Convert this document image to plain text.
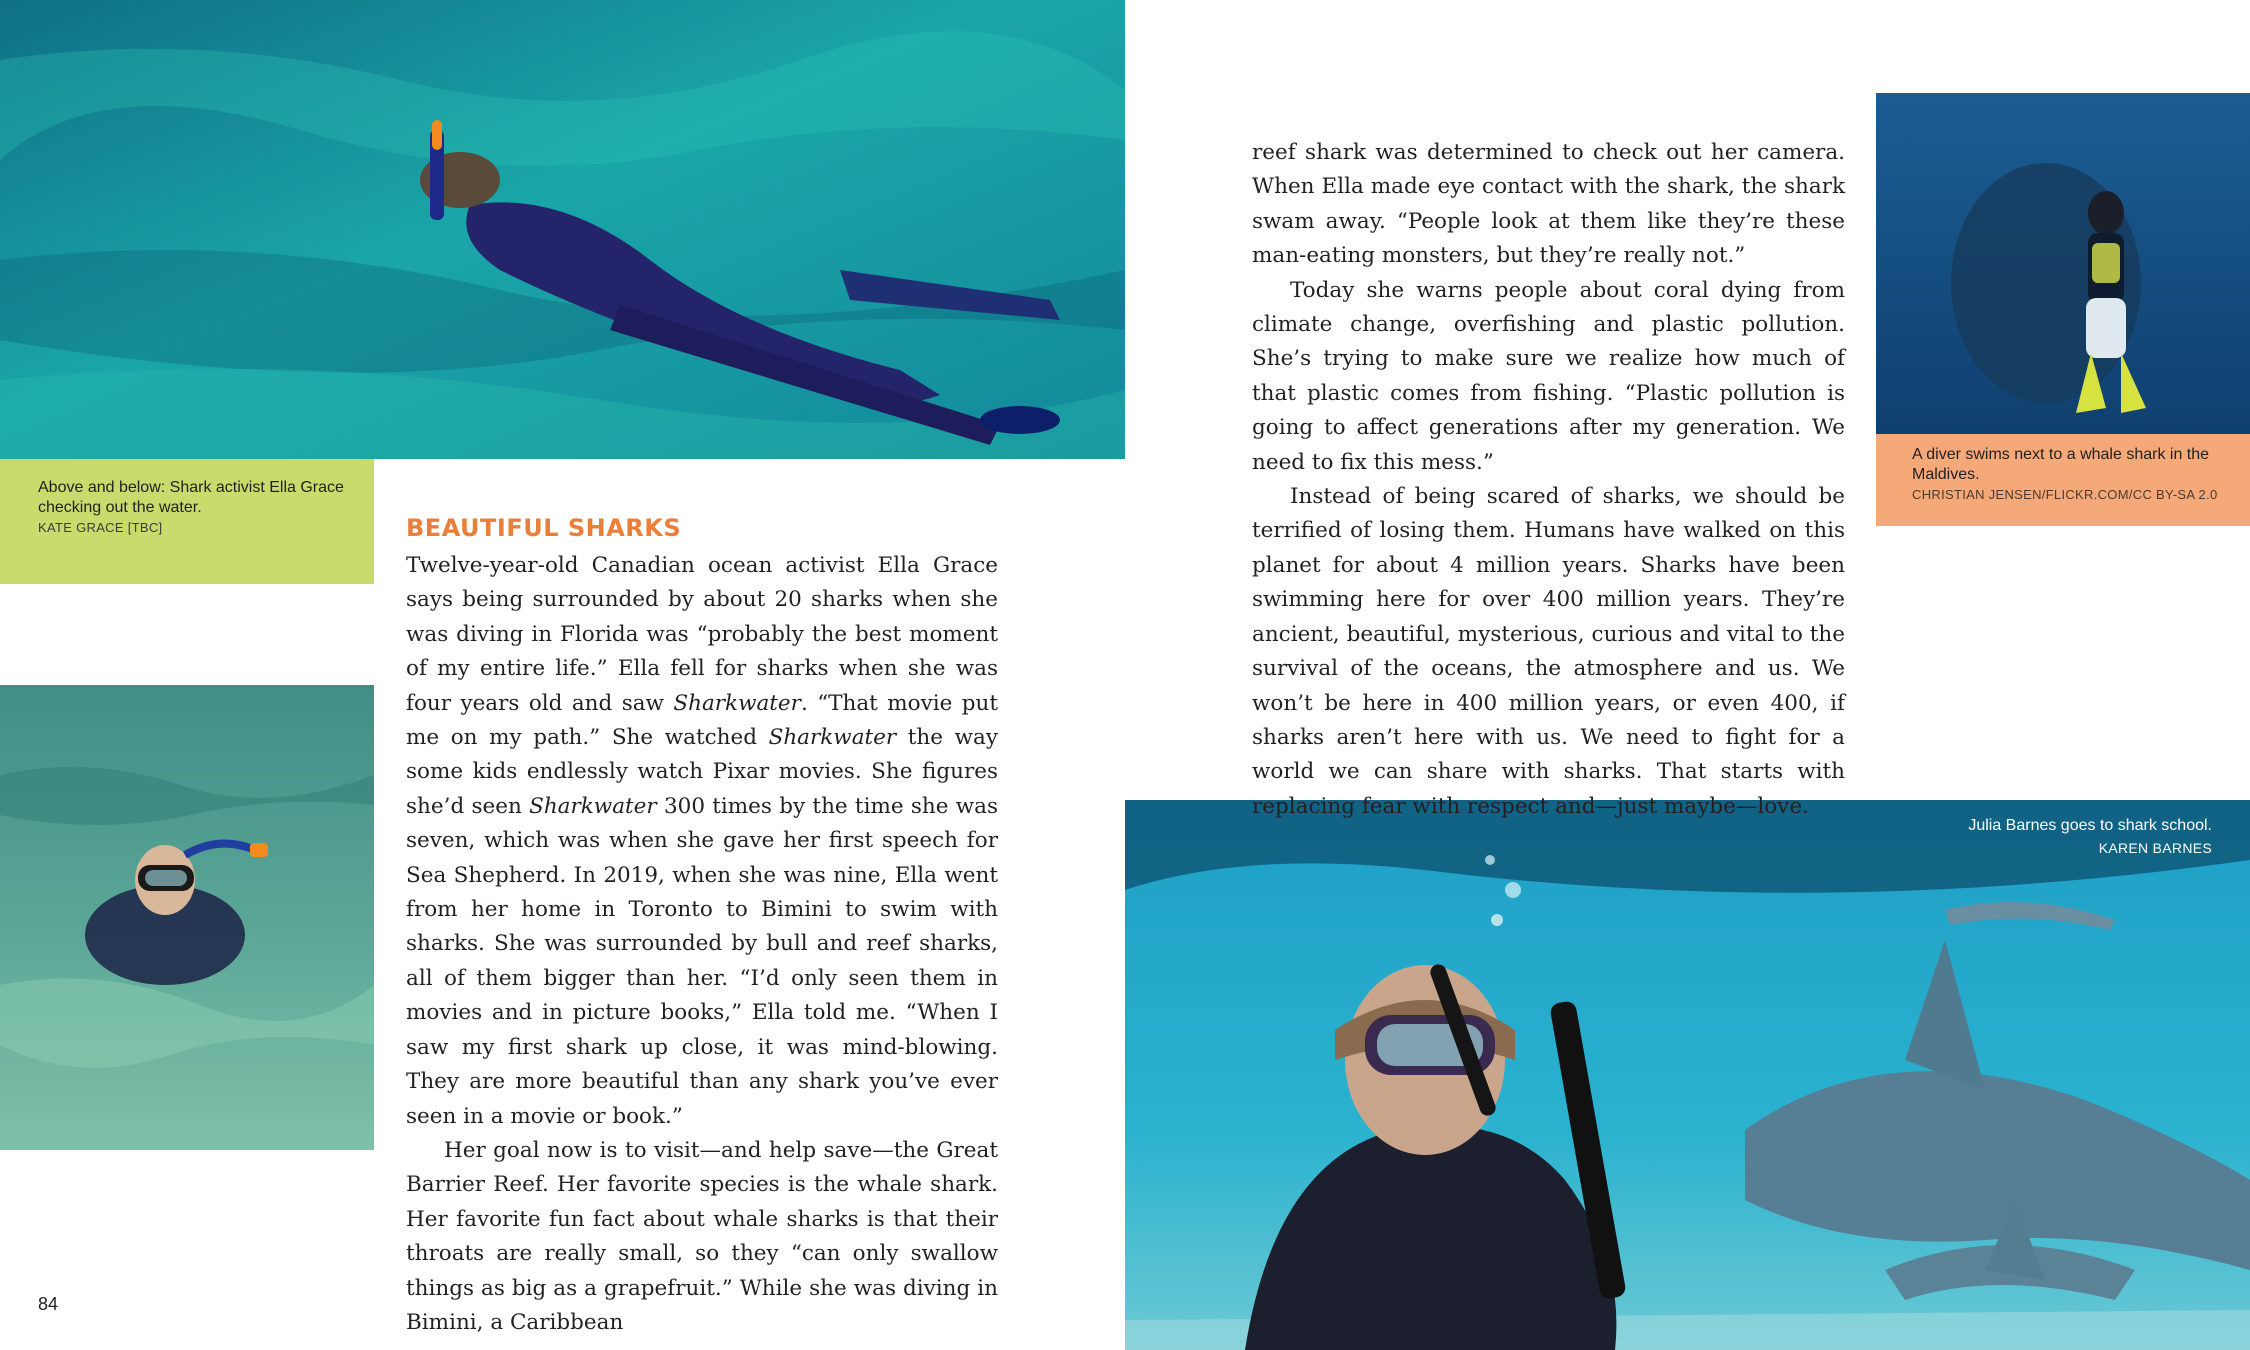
Above and below: Shark activist Ella Grace checking out the water.
KATE GRACE [TBC]
A diver swims next to a whale shark in the Maldives.
CHRISTIAN JENSEN/FLICKR.COM/CC BY-SA 2.0
Julia Barnes goes to shark school.
KAREN BARNES
BEAUTIFUL SHARKS

Twelve-year-old Canadian ocean activist Ella Grace says being surrounded by about 20 sharks when she was diving in Florida was “probably the best moment of my entire life.” Ella fell for sharks when she was four years old and saw Sharkwater. “That movie put me on my path.” She watched Sharkwater the way some kids endlessly watch Pixar movies. She figures she’d seen Sharkwater 300 times by the time she was seven, which was when she gave her first speech for Sea Shepherd. In 2019, when she was nine, Ella went from her home in Toronto to Bimini to swim with sharks. She was surrounded by bull and reef sharks, all of them bigger than her. “I’d only seen them in movies and in picture books,” Ella told me. “When I saw my first shark up close, it was mind-blowing. They are more beautiful than any shark you’ve ever seen in a movie or book.”

Her goal now is to visit—and help save—the Great Barrier Reef. Her favorite species is the whale shark. Her favorite fun fact about whale sharks is that their throats are really small, so they “can only swallow things as big as a grapefruit.” While she was diving in Bimini, a Caribbean

reef shark was determined to check out her camera. When Ella made eye contact with the shark, the shark swam away. “People look at them like they’re these man-eating monsters, but they’re really not.”

Today she warns people about coral dying from climate change, overfishing and plastic pollution. She’s trying to make sure we realize how much of that plastic comes from fishing. “Plastic pollution is going to affect generations after my generation. We need to fix this mess.”

Instead of being scared of sharks, we should be terrified of losing them. Humans have walked on this planet for about 4 million years. Sharks have been swimming here for over 400 million years. They’re ancient, beautiful, mysterious, curious and vital to the survival of the oceans, the atmosphere and us. We won’t be here in 400 million years, or even 400, if sharks aren’t here with us. We need to fight for a world we can share with sharks. That starts with replacing fear with respect and—just maybe—love.

84
